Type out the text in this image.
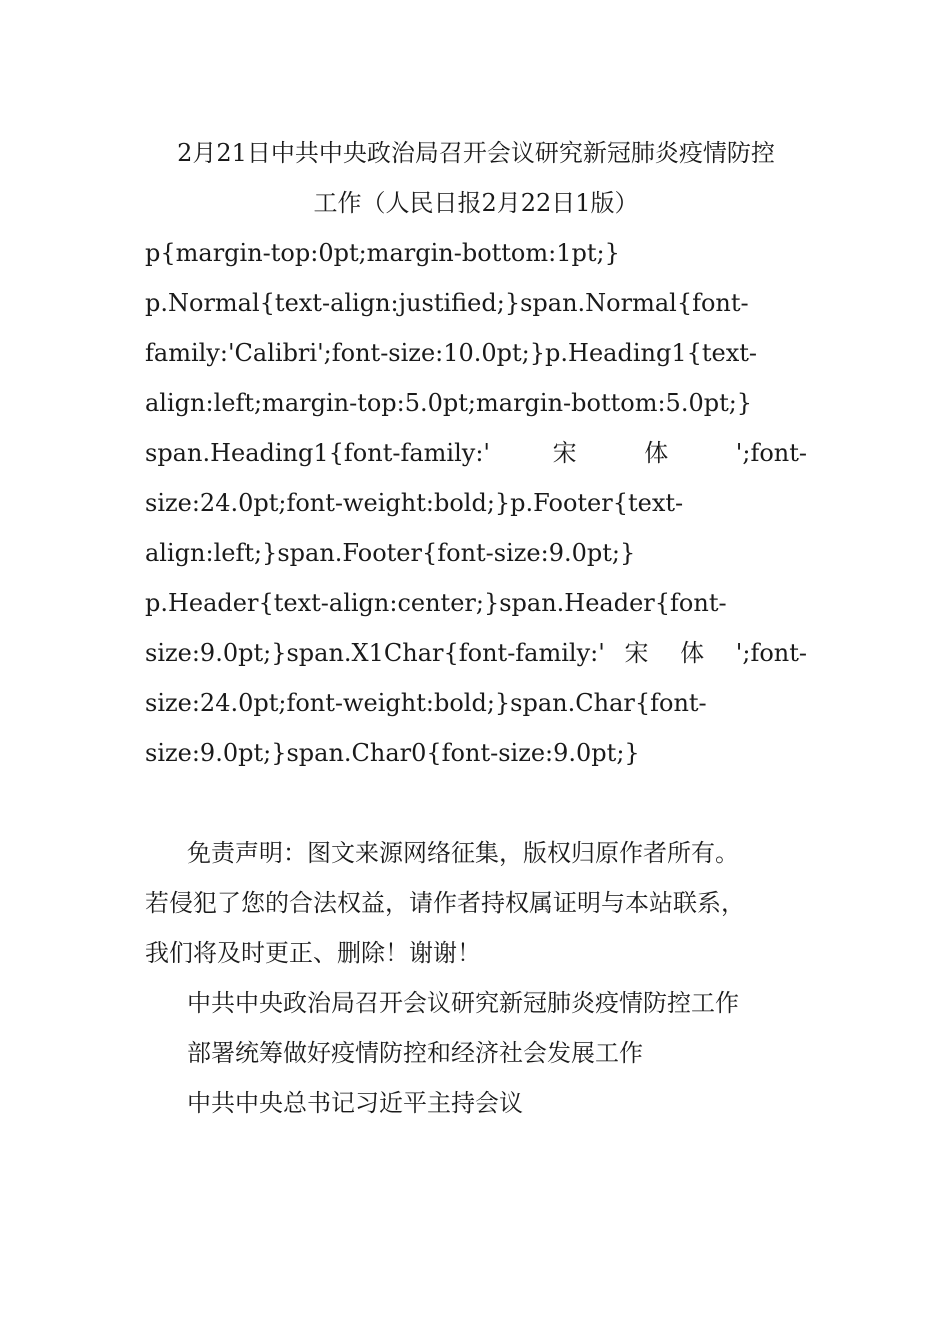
2月21日中共中央政治局召开会议研究新冠肺炎疫情防控
工作（人民日报2月22日1版）
p{margin-top:0pt;margin-bottom:1pt;}
p.Normal{text-align:justified;}span.Normal{font-
family:'Calibri';font-size:10.0pt;}p.Heading1{text-
align:left;margin-top:5.0pt;margin-bottom:5.0pt;}
span.Heading1{font-family:'     宋     体     ';font-
size:24.0pt;font-weight:bold;}p.Footer{text-
align:left;}span.Footer{font-size:9.0pt;}
p.Header{text-align:center;}span.Header{font-
size:9.0pt;}span.X1Char{font-family:' 宋 体 ';font-
size:24.0pt;font-weight:bold;}span.Char{font-
size:9.0pt;}span.Char0{font-size:9.0pt;}
免责声明：图文来源网络征集，版权归原作者所有。
若侵犯了您的合法权益，请作者持权属证明与本站联系，
我们将及时更正、删除！谢谢！
中共中央政治局召开会议研究新冠肺炎疫情防控工作
部署统筹做好疫情防控和经济社会发展工作
中共中央总书记习近平主持会议
